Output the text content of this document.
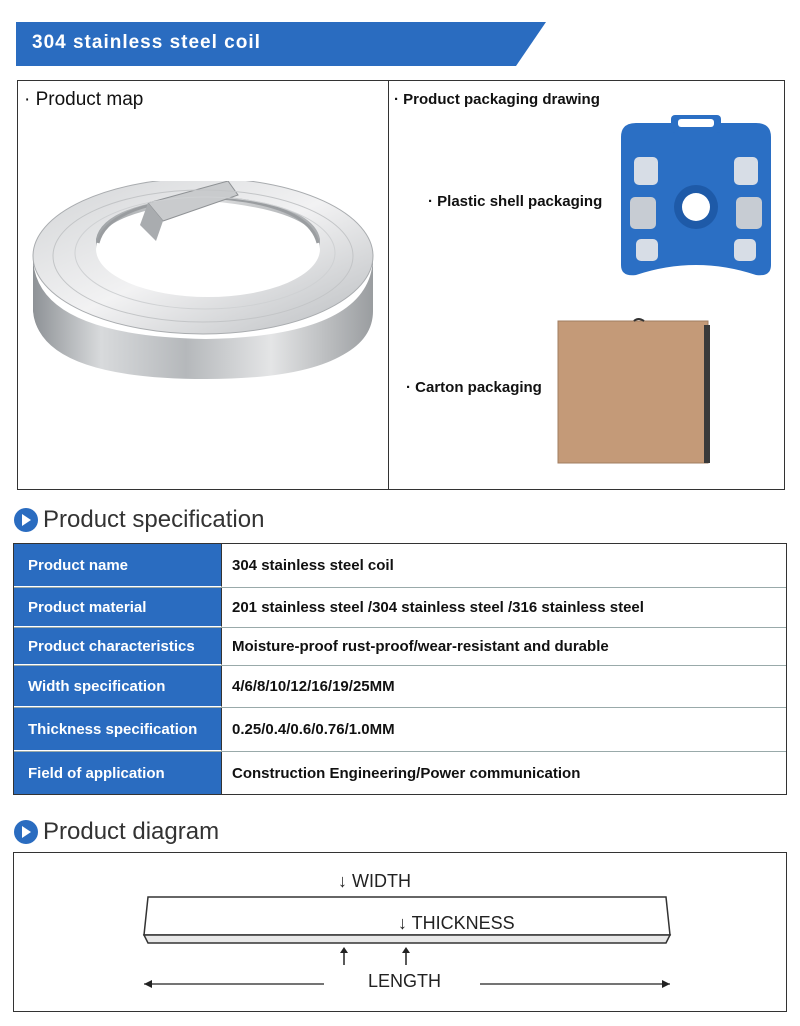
304 stainless steel coil
· Product map	· Product packaging drawing
· Plastic shell packaging
· Carton packaging
Product specification
Product name	304 stainless steel coil
Product material	201 stainless steel /304 stainless steel /316 stainless steel
Product characteristics	Moisture-proof rust-proof/wear-resistant and durable
Width specification	4/6/8/10/12/16/19/25MM
Thickness specification	0.25/0.4/0.6/0.76/1.0MM
Field of application	Construction Engineering/Power communication
Product diagram
↓ WIDTH
↓ THICKNESS
LENGTH
